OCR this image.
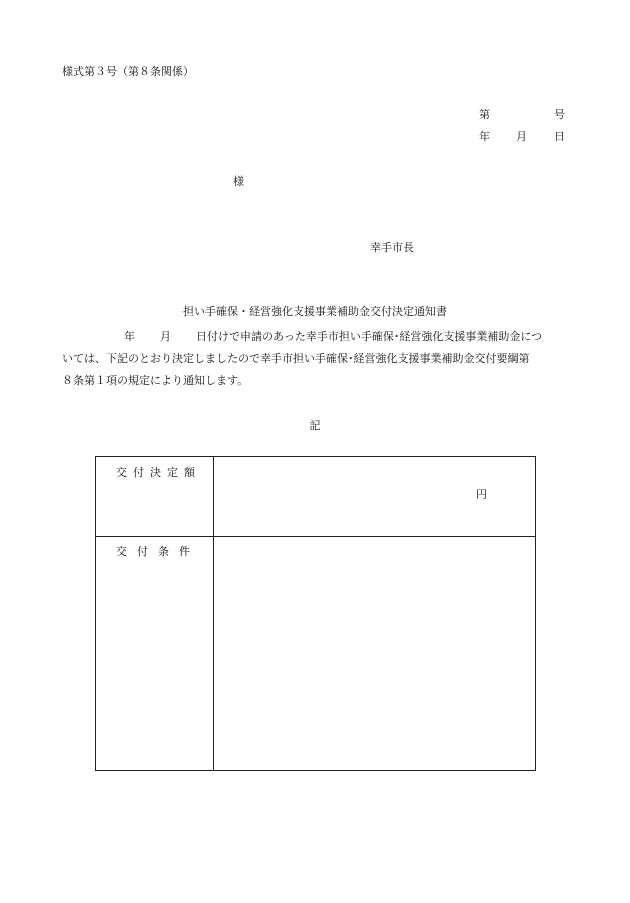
様式第３号（第８条関係）
第	号
年 月 日
様
幸手市長
担い手確保・経営強化支援事業補助金交付決定通知書
年 月 日付けで申請のあった幸手市担い手確保･経営強化支援事業補助金につ
いては、下記のとおり決定しましたので幸手市担い手確保･経営強化支援事業補助金交付要綱第
８条第１項の規定により通知します。
記
交付決定額
円
交付条件
